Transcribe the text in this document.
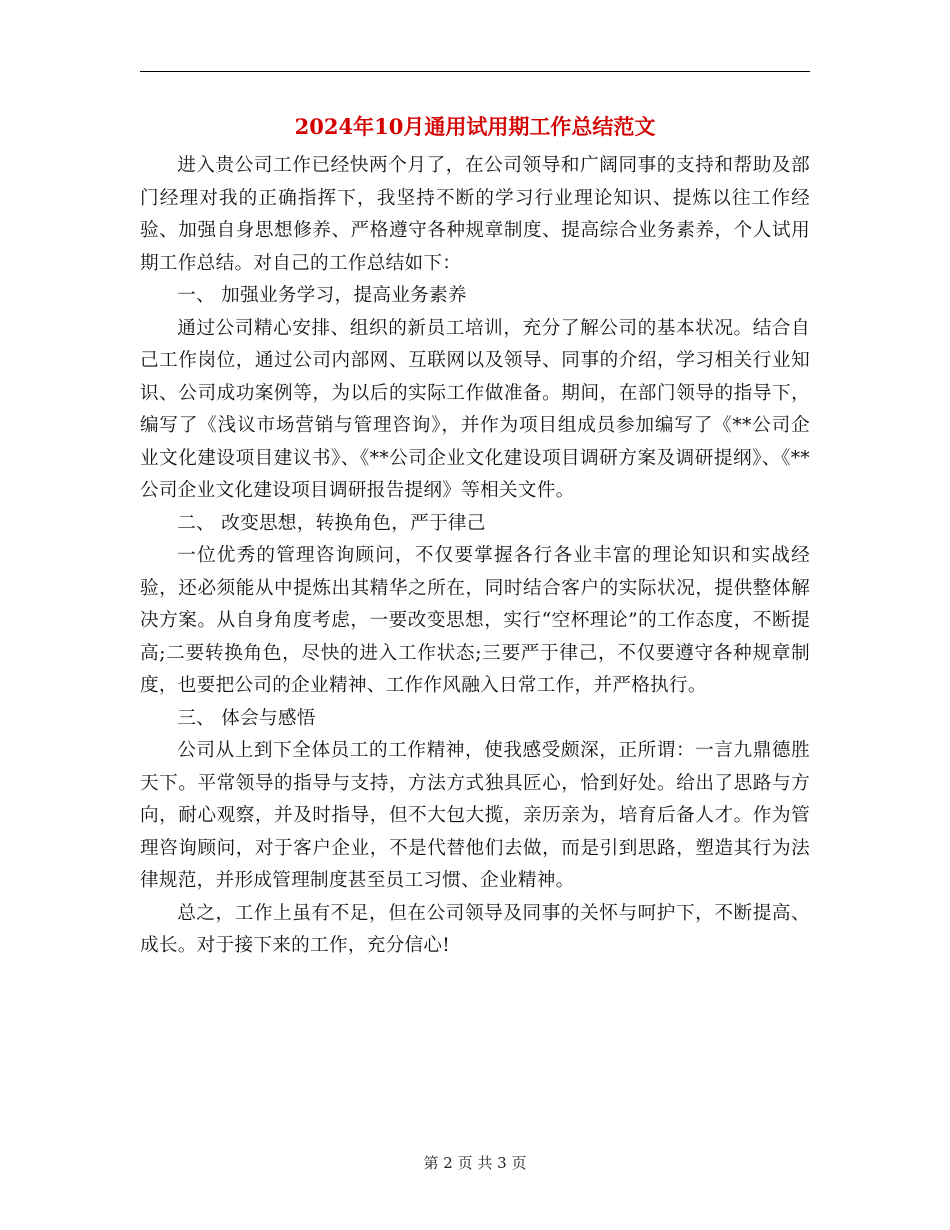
2024年10月通用试用期工作总结范文

进入贵公司工作已经快两个月了，在公司领导和广阔同事的支持和帮助及部门经理对我的正确指挥下，我坚持不断的学习行业理论知识、提炼以往工作经验、加强自身思想修养、严格遵守各种规章制度、提高综合业务素养，个人试用期工作总结。对自己的工作总结如下：

一、 加强业务学习，提高业务素养

通过公司精心安排、组织的新员工培训，充分了解公司的基本状况。结合自己工作岗位，通过公司内部网、互联网以及领导、同事的介绍，学习相关行业知识、公司成功案例等，为以后的实际工作做准备。期间，在部门领导的指导下，编写了《浅议市场营销与管理咨询》，并作为项目组成员参加编写了《**公司企业文化建设项目建议书》、《**公司企业文化建设项目调研方案及调研提纲》、《**公司企业文化建设项目调研报告提纲》等相关文件。

二、 改变思想，转换角色，严于律己

一位优秀的管理咨询顾问，不仅要掌握各行各业丰富的理论知识和实战经验，还必须能从中提炼出其精华之所在，同时结合客户的实际状况，提供整体解决方案。从自身角度考虑，一要改变思想，实行“空杯理论”的工作态度，不断提高;二要转换角色，尽快的进入工作状态;三要严于律己，不仅要遵守各种规章制度，也要把公司的企业精神、工作作风融入日常工作，并严格执行。

三、 体会与感悟

公司从上到下全体员工的工作精神，使我感受颇深，正所谓：一言九鼎德胜天下。平常领导的指导与支持，方法方式独具匠心，恰到好处。给出了思路与方向，耐心观察，并及时指导，但不大包大揽，亲历亲为，培育后备人才。作为管理咨询顾问，对于客户企业，不是代替他们去做，而是引到思路，塑造其行为法律规范，并形成管理制度甚至员工习惯、企业精神。

总之，工作上虽有不足，但在公司领导及同事的关怀与呵护下，不断提高、成长。对于接下来的工作，充分信心!

第 2 页 共 3 页
